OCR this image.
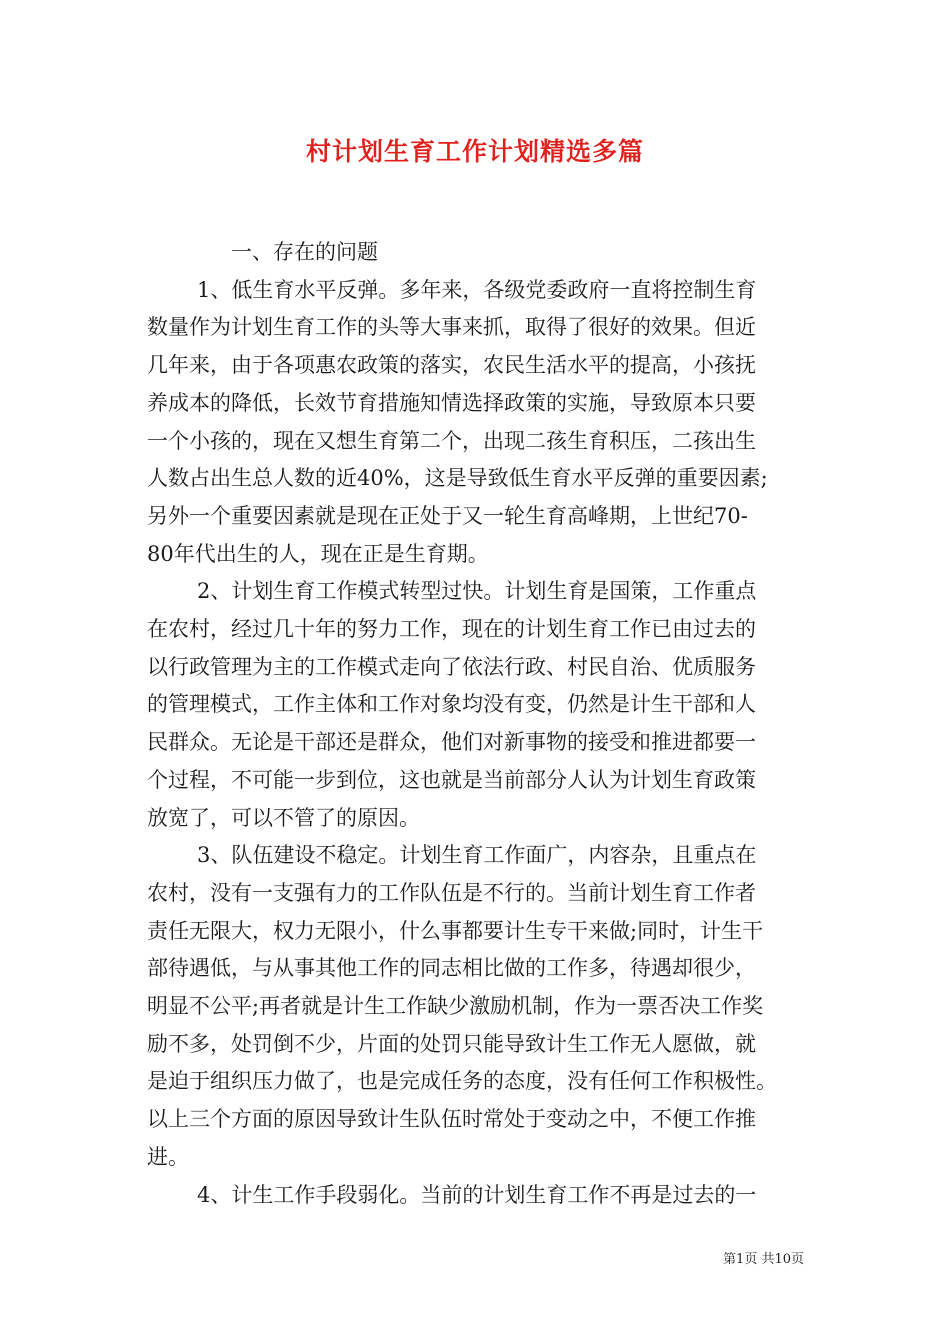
村计划生育工作计划精选多篇
一、存在的问题
1、低生育水平反弹。多年来，各级党委政府一直将控制生育
数量作为计划生育工作的头等大事来抓，取得了很好的效果。但近
几年来，由于各项惠农政策的落实，农民生活水平的提高，小孩抚
养成本的降低，长效节育措施知情选择政策的实施，导致原本只要
一个小孩的，现在又想生育第二个，出现二孩生育积压，二孩出生
人数占出生总人数的近40%，这是导致低生育水平反弹的重要因素;
另外一个重要因素就是现在正处于又一轮生育高峰期，上世纪70-
80年代出生的人，现在正是生育期。
2、计划生育工作模式转型过快。计划生育是国策，工作重点
在农村，经过几十年的努力工作，现在的计划生育工作已由过去的
以行政管理为主的工作模式走向了依法行政、村民自治、优质服务
的管理模式，工作主体和工作对象均没有变，仍然是计生干部和人
民群众。无论是干部还是群众，他们对新事物的接受和推进都要一
个过程，不可能一步到位，这也就是当前部分人认为计划生育政策
放宽了，可以不管了的原因。
3、队伍建设不稳定。计划生育工作面广，内容杂，且重点在
农村，没有一支强有力的工作队伍是不行的。当前计划生育工作者
责任无限大，权力无限小，什么事都要计生专干来做;同时，计生干
部待遇低，与从事其他工作的同志相比做的工作多，待遇却很少，
明显不公平;再者就是计生工作缺少激励机制，作为一票否决工作奖
励不多，处罚倒不少，片面的处罚只能导致计生工作无人愿做，就
是迫于组织压力做了，也是完成任务的态度，没有任何工作积极性。
以上三个方面的原因导致计生队伍时常处于变动之中，不便工作推
进。
4、计生工作手段弱化。当前的计划生育工作不再是过去的一
第1页 共10页
